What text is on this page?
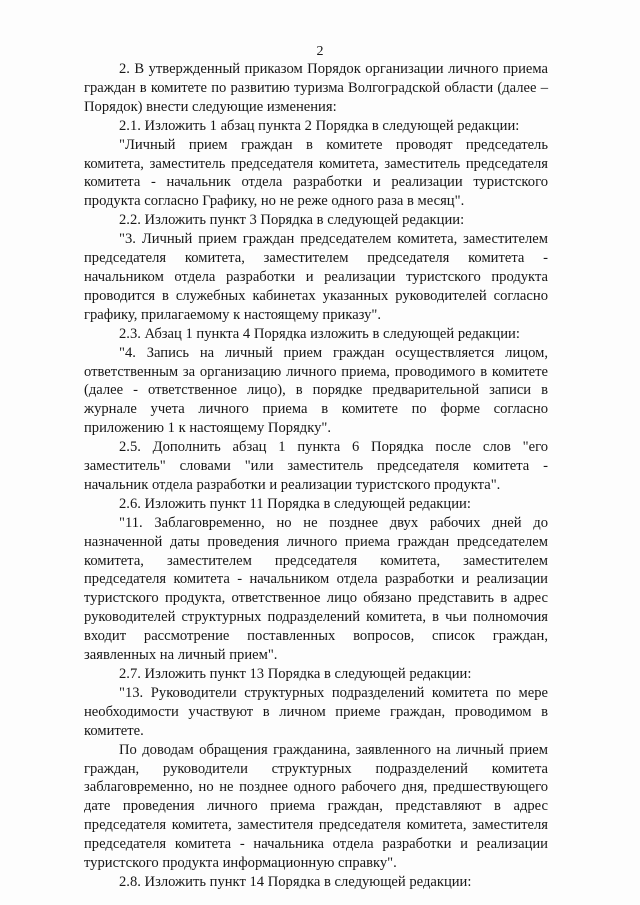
2

2. В утвержденный приказом Порядок организации личного приема граждан в комитете по развитию туризма Волгоградской области (далее – Порядок) внести следующие изменения:

2.1. Изложить 1 абзац пункта 2 Порядка в следующей редакции:

"Личный прием граждан в комитете проводят председатель комитета, заместитель председателя комитета, заместитель председателя комитета - начальник отдела разработки и реализации туристского продукта согласно Графику, но не реже одного раза в месяц".

2.2. Изложить пункт 3 Порядка в следующей редакции:

"3. Личный прием граждан председателем комитета, заместителем председателя комитета, заместителем председателя комитета - начальником отдела разработки и реализации туристского продукта проводится в служебных кабинетах указанных руководителей согласно графику, прилагаемому к настоящему приказу".

2.3. Абзац 1 пункта 4 Порядка изложить в следующей редакции:

"4. Запись на личный прием граждан осуществляется лицом, ответственным за организацию личного приема, проводимого в комитете (далее - ответственное лицо), в порядке предварительной записи в журнале учета личного приема в комитете по форме согласно приложению 1 к настоящему Порядку".

2.5. Дополнить абзац 1 пункта 6 Порядка после слов "его заместитель" словами "или заместитель председателя комитета - начальник отдела разработки и реализации туристского продукта".

2.6. Изложить пункт 11 Порядка в следующей редакции:

"11. Заблаговременно, но не позднее двух рабочих дней до назначенной даты проведения личного приема граждан председателем комитета, заместителем председателя комитета, заместителем председателя комитета - начальником отдела разработки и реализации туристского продукта, ответственное лицо обязано представить в адрес руководителей структурных подразделений комитета, в чьи полномочия входит рассмотрение поставленных вопросов, список граждан, заявленных на личный прием".

2.7. Изложить пункт 13 Порядка в следующей редакции:

"13. Руководители структурных подразделений комитета по мере необходимости участвуют в личном приеме граждан, проводимом в комитете.

По доводам обращения гражданина, заявленного на личный прием граждан, руководители структурных подразделений комитета заблаговременно, но не позднее одного рабочего дня, предшествующего дате проведения личного приема граждан, представляют в адрес председателя комитета, заместителя председателя комитета, заместителя председателя комитета - начальника отдела разработки и реализации туристского продукта информационную справку".

2.8. Изложить пункт 14 Порядка в следующей редакции:
